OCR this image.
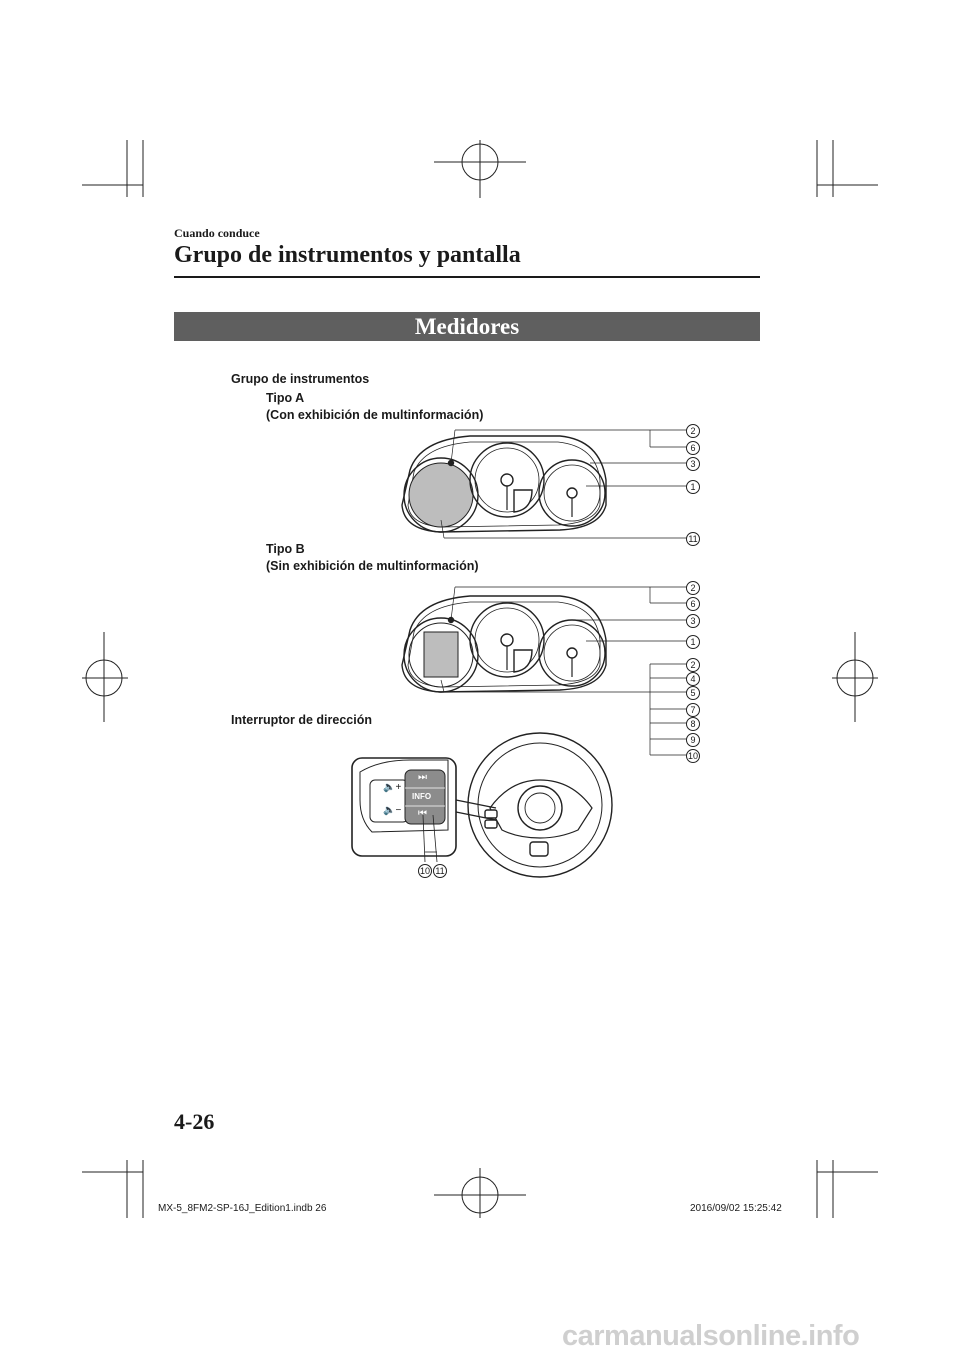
Cuando conduce
Grupo de instrumentos y pantalla
Medidores
Grupo de instrumentos
Tipo A
(Con exhibición de multinformación)
Tipo B
(Sin exhibición de multinformación)
Interruptor de dirección
2
6
3
1
11
2
6
3
1
2
4
5
7
8
9
10
🔈+
🔈−
⏭
INFO
⏮
10 11
4-26
MX-5_8FM2-SP-16J_Edition1.indb 26	2016/09/02 15:25:42
carmanualsonline.info
